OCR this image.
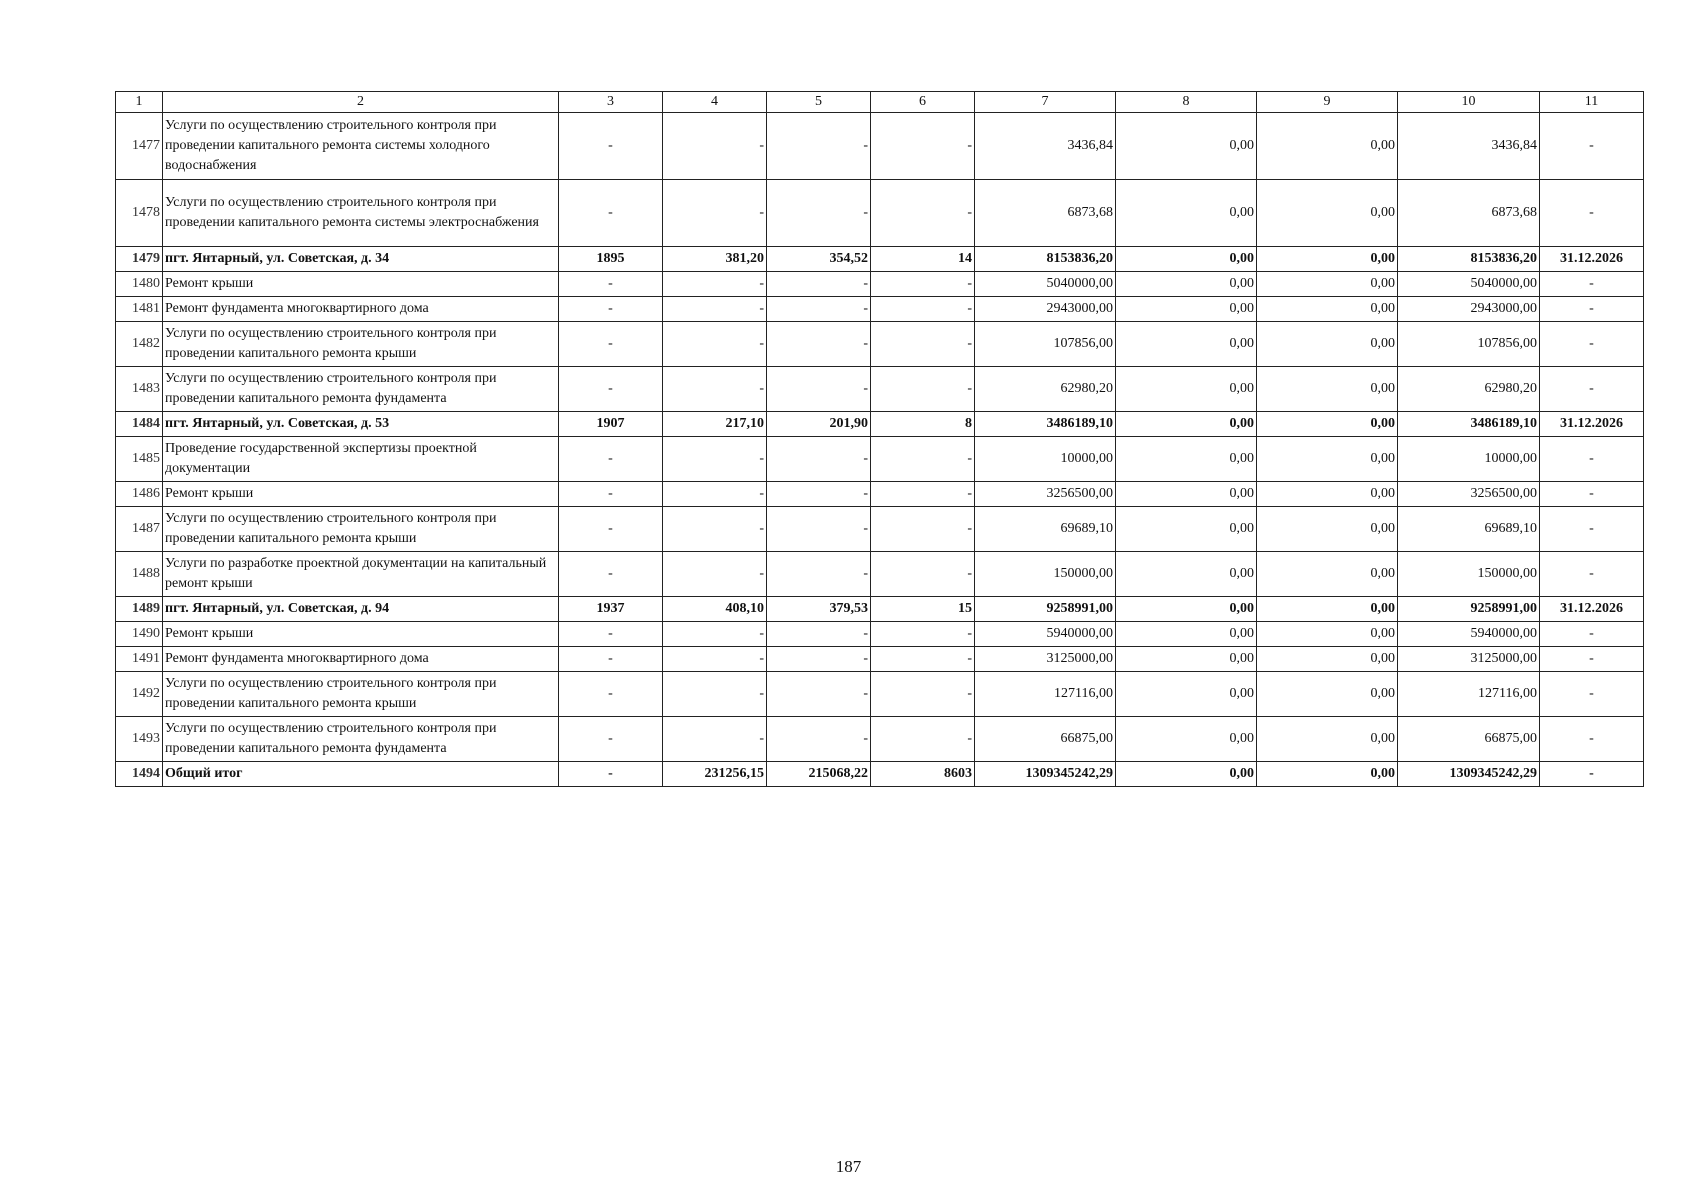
1	2	3	4	5	6	7	8	9	10	11
1477	Услуги по осуществлению строительного контроля при проведении капитального ремонта системы холодного водоснабжения	-	-	-	-	3436,84	0,00	0,00	3436,84	-
1478	Услуги по осуществлению строительного контроля при проведении капитального ремонта системы электроснабжения	-	-	-	-	6873,68	0,00	0,00	6873,68	-
1479	пгт. Янтарный, ул. Советская, д. 34	1895	381,20	354,52	14	8153836,20	0,00	0,00	8153836,20	31.12.2026
1480	Ремонт крыши	-	-	-	-	5040000,00	0,00	0,00	5040000,00	-
1481	Ремонт фундамента многоквартирного дома	-	-	-	-	2943000,00	0,00	0,00	2943000,00	-
1482	Услуги по осуществлению строительного контроля при проведении капитального ремонта крыши	-	-	-	-	107856,00	0,00	0,00	107856,00	-
1483	Услуги по осуществлению строительного контроля при проведении капитального ремонта фундамента	-	-	-	-	62980,20	0,00	0,00	62980,20	-
1484	пгт. Янтарный, ул. Советская, д. 53	1907	217,10	201,90	8	3486189,10	0,00	0,00	3486189,10	31.12.2026
1485	Проведение государственной экспертизы проектной документации	-	-	-	-	10000,00	0,00	0,00	10000,00	-
1486	Ремонт крыши	-	-	-	-	3256500,00	0,00	0,00	3256500,00	-
1487	Услуги по осуществлению строительного контроля при проведении капитального ремонта крыши	-	-	-	-	69689,10	0,00	0,00	69689,10	-
1488	Услуги по разработке проектной документации на капитальный ремонт крыши	-	-	-	-	150000,00	0,00	0,00	150000,00	-
1489	пгт. Янтарный, ул. Советская, д. 94	1937	408,10	379,53	15	9258991,00	0,00	0,00	9258991,00	31.12.2026
1490	Ремонт крыши	-	-	-	-	5940000,00	0,00	0,00	5940000,00	-
1491	Ремонт фундамента многоквартирного дома	-	-	-	-	3125000,00	0,00	0,00	3125000,00	-
1492	Услуги по осуществлению строительного контроля при проведении капитального ремонта крыши	-	-	-	-	127116,00	0,00	0,00	127116,00	-
1493	Услуги по осуществлению строительного контроля при проведении капитального ремонта фундамента	-	-	-	-	66875,00	0,00	0,00	66875,00	-
1494	Общий итог	-	231256,15	215068,22	8603	1309345242,29	0,00	0,00	1309345242,29	-
187
